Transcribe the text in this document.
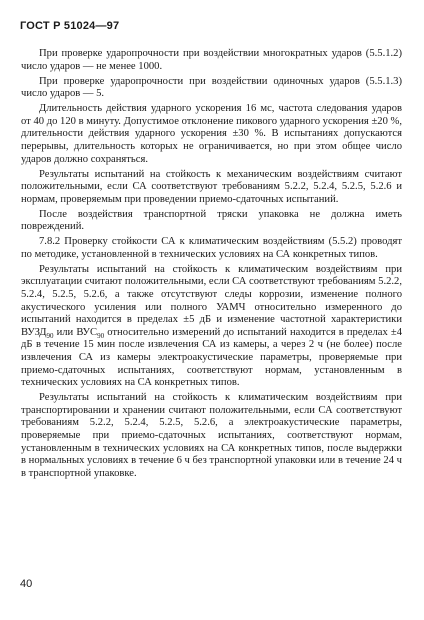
ГОСТ Р 51024—97

При проверке ударопрочности при воздействии многократных ударов (5.5.1.2) число ударов — не менее 1000.

При проверке ударопрочности при воздействии одиночных ударов (5.5.1.3) число ударов — 5.

Длительность действия ударного ускорения 16 мс, частота следования ударов от 40 до 120 в минуту. Допустимое отклонение пикового ударного ускорения ±20 %, длительности действия ударного ускорения ±30 %. В испытаниях допускаются перерывы, длительность которых не ограничивается, но при этом общее число ударов должно сохраняться.

Результаты испытаний на стойкость к механическим воздействиям считают положительными, если СА соответствуют требованиям 5.2.2, 5.2.4, 5.2.5, 5.2.6 и нормам, проверяемым при проведении приемо-сдаточных испытаний.

После воздействия транспортной тряски упаковка не должна иметь повреждений.

7.8.2 Проверку стойкости СА к климатическим воздействиям (5.5.2) проводят по методике, установленной в технических условиях на СА конкретных типов.

Результаты испытаний на стойкость к климатическим воздействиям при эксплуатации считают положительными, если СА соответствуют требованиям 5.2.2, 5.2.4, 5.2.5, 5.2.6, а также отсутствуют следы коррозии, изменение полного акустического усиления или полного УАМЧ относительно измеренного до испытаний находится в пределах ±5 дБ и изменение частотной характеристики $ВУЗД_{90}$ или $ВУС_{90}$ относительно измерений до испытаний находится в пределах ±4 дБ в течение 15 мин после извлечения СА из камеры, а через 2 ч (не более) после извлечения СА из камеры электроакустические параметры, проверяемые при приемо-сдаточных испытаниях, соответствуют нормам, установленным в технических условиях на СА конкретных типов.

Результаты испытаний на стойкость к климатическим воздействиям при транспортировании и хранении считают положительными, если СА соответствуют требованиям 5.2.2, 5.2.4, 5.2.5, 5.2.6, а электроакустические параметры, проверяемые при приемо-сдаточных испытаниях, соответствуют нормам, установленным в технических условиях на СА конкретных типов, после выдержки в нормальных условиях в течение 6 ч без транспортной упаковки или в течение 24 ч в транспортной упаковке.

40
